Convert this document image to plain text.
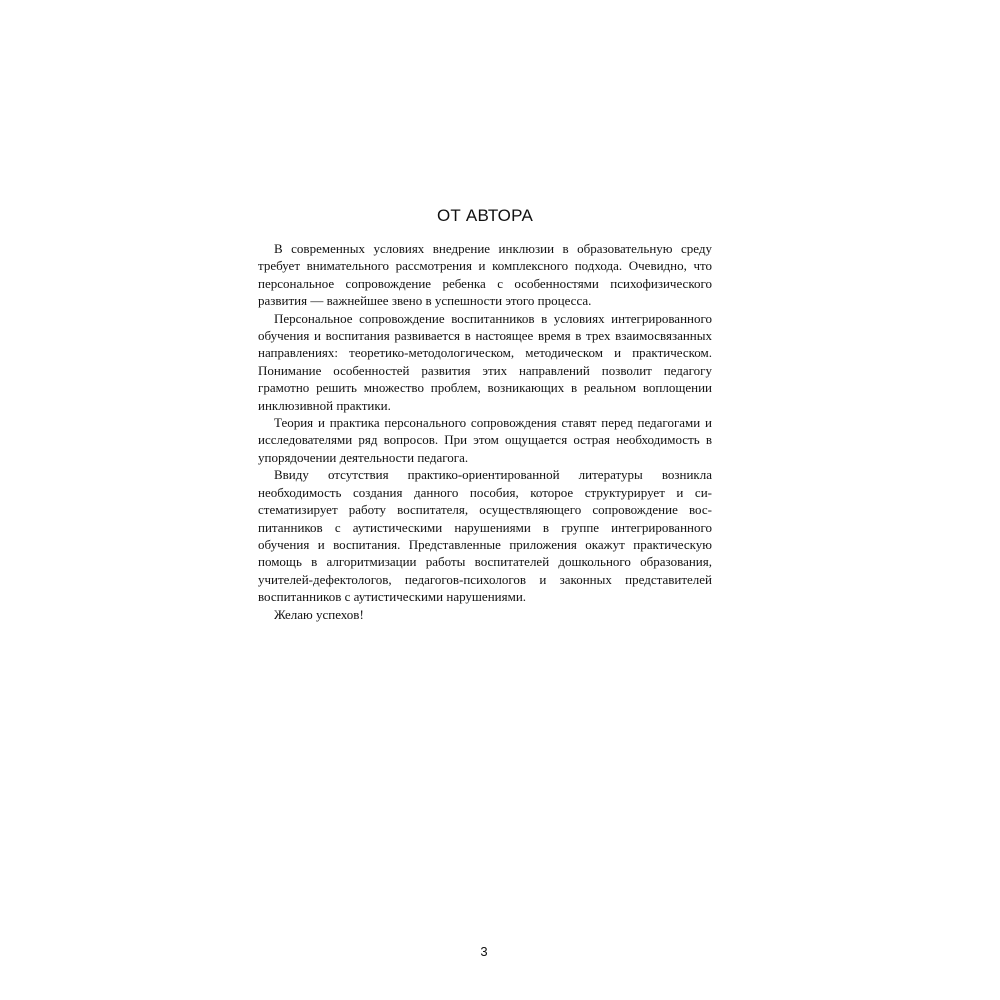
ОТ АВТОРА

В современных условиях внедрение инклюзии в образовательную среду требует внимательного рассмотрения и комплексного подхода. Очевидно, что персональное сопровождение ребенка с особенностями психофизического развития — важнейшее звено в успешности этого процесса.

Персональное сопровождение воспитанников в условиях интегрированного обучения и воспитания развивается в настоящее время в трех взаимосвязанных направлениях: теоретико-методологическом, методическом и практическом. Понимание особенностей развития этих направлений позволит педагогу грамотно решить множество проблем, возникающих в реальном воплощении инклюзивной практики.

Теория и практика персонального сопровождения ставят перед педагогами и исследователями ряд вопросов. При этом ощущается острая необходимость в упорядочении деятельности педагога.

Ввиду отсутствия практико-ориентированной литературы возникла необходимость создания данного пособия, которое структурирует и систематизирует работу воспитателя, осуществляющего сопровождение воспитанников с аутистическими нарушениями в группе интегрированного обучения и воспитания. Представленные приложения окажут практическую помощь в алгоритмизации работы воспитателей дошкольного образования, учителей-дефектологов, педагогов-психологов и законных представителей воспитанников с аутистическими нарушениями.

Желаю успехов!

3
